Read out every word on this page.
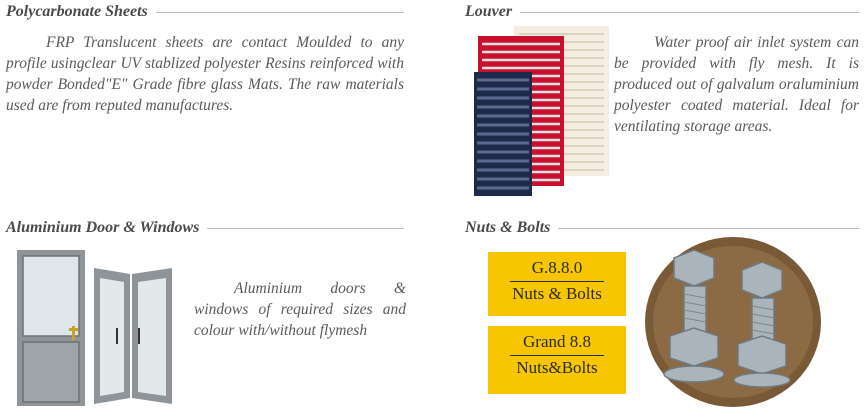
Polycarbonate Sheets
FRP Translucent sheets are contact Moulded to any profile usingclear UV stablized polyester Resins reinforced with powder Bonded"E" Grade fibre glass Mats. The raw materials used are from reputed manufactures.
Louver
Water proof air inlet system can be provided with fly mesh. It is produced out of galvalum oraluminium polyester coated material. Ideal for ventilating storage areas.
Aluminium Door & Windows
Aluminium doors & windows of required sizes and colour with/without flymesh
Nuts & Bolts
G.8.8.0
Nuts & Bolts
Grand 8.8
Nuts&Bolts
